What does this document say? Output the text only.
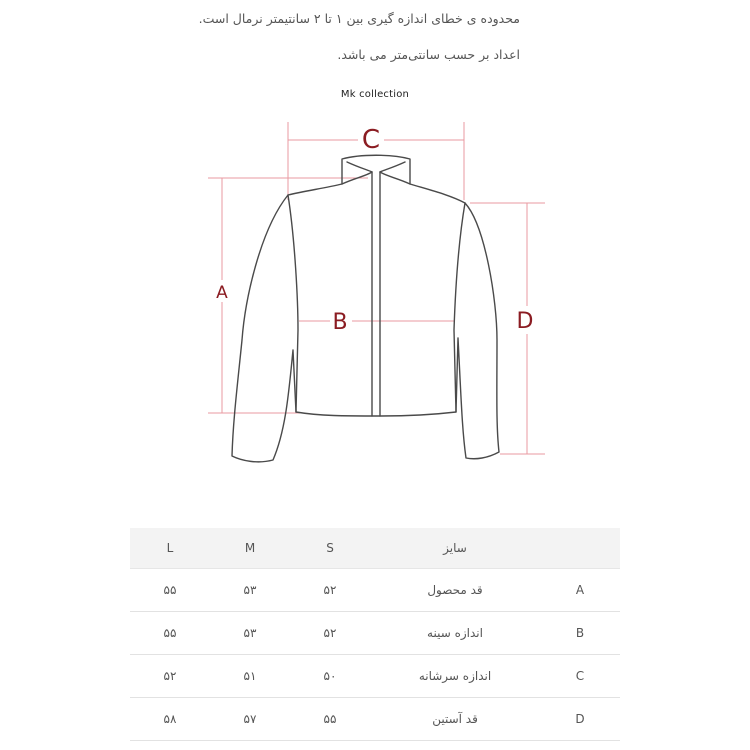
محدوده ی خطای اندازه گیری بین ۱ تا ۲ سانتیمتر نرمال است.
اعداد بر حسب سانتی‌متر می باشد.
Mk collection
C
A
B	D
L	M	S	سایز	
۵۵	۵۳	۵۲	قد محصول	A
۵۵	۵۳	۵۲	اندازه سینه	B
۵۲	۵۱	۵۰	اندازه سرشانه	C
۵۸	۵۷	۵۵	قد آستین	D
